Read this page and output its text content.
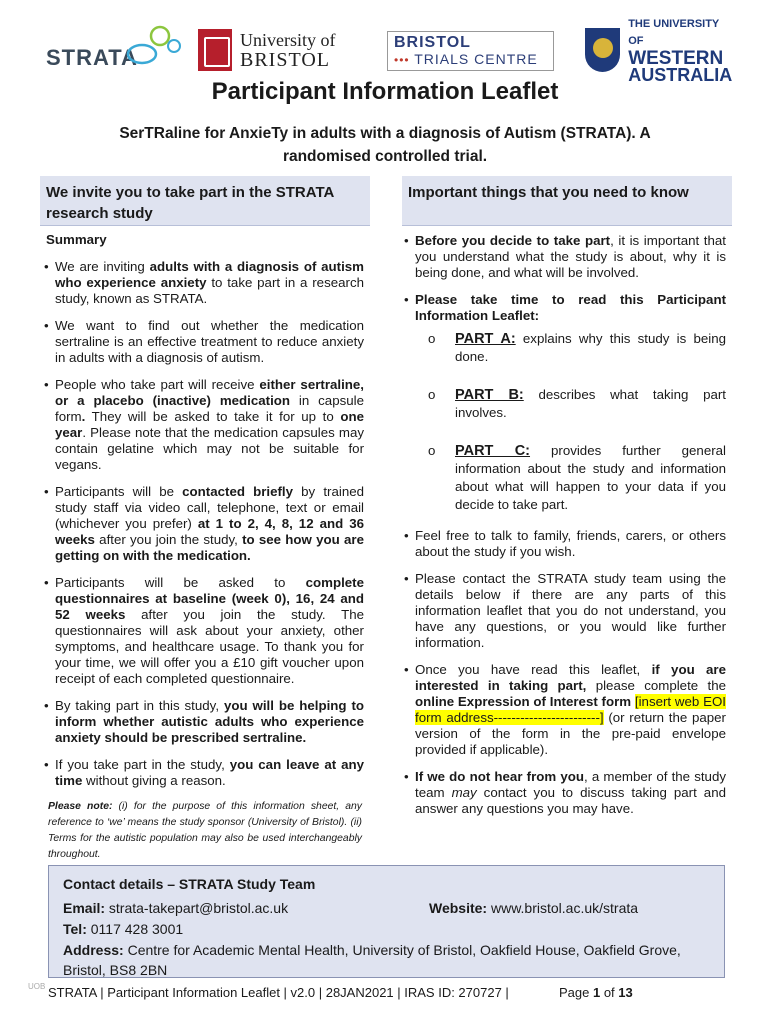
STRATA
University of
BRISTOL
BRISTOL
••• TRIALS CENTRE
THE UNIVERSITY OF
WESTERN
AUSTRALIA
Participant Information Leaflet
SerTRaline for AnxieTy in adults with a diagnosis of Autism (STRATA). A randomised controlled trial.
We invite you to take part in the STRATA research study
Important things that you need to know
Summary
• We are inviting adults with a diagnosis of autism who experience anxiety to take part in a research study, known as STRATA.
• We want to find out whether the medication sertraline is an effective treatment to reduce anxiety in adults with a diagnosis of autism.
• People who take part will receive either sertraline, or a placebo (inactive) medication in capsule form. They will be asked to take it for up to one year. Please note that the medication capsules may contain gelatine which may not be suitable for vegans.
• Participants will be contacted briefly by trained study staff via video call, telephone, text or email (whichever you prefer) at 1 to 2, 4, 8, 12 and 36 weeks after you join the study, to see how you are getting on with the medication.
• Participants will be asked to complete questionnaires at baseline (week 0), 16, 24 and 52 weeks after you join the study. The questionnaires will ask about your anxiety, other symptoms, and healthcare usage. To thank you for your time, we will offer you a £10 gift voucher upon receipt of each completed questionnaire.
• By taking part in this study, you will be helping to inform whether autistic adults who experience anxiety should be prescribed sertraline.
• If you take part in the study, you can leave at any time without giving a reason.
Please note: (i) for the purpose of this information sheet, any reference to ‘we’ means the study sponsor (University of Bristol). (ii) Terms for the autistic population may also be used interchangeably throughout.
• Before you decide to take part, it is important that you understand what the study is about, why it is being done, and what will be involved.
• Please take time to read this Participant Information Leaflet:
o PART A: explains why this study is being done.
o PART B: describes what taking part involves.
o PART C: provides further general information about the study and information about what will happen to your data if you decide to take part.
• Feel free to talk to family, friends, carers, or others about the study if you wish.
• Please contact the STRATA study team using the details below if there are any parts of this information leaflet that you do not understand, you have any questions, or you would like further information.
• Once you have read this leaflet, if you are interested in taking part, please complete the online Expression of Interest form [insert web EOI form address------------------------] (or return the paper version of the form in the pre-paid envelope provided if applicable).
• If we do not hear from you, a member of the study team may contact you to discuss taking part and answer any questions you may have.
Contact details – STRATA Study Team
Email: strata-takepart@bristol.ac.uk	Website: www.bristol.ac.uk/strata
Tel: 0117 428 3001
Address: Centre for Academic Mental Health, University of Bristol, Oakfield House, Oakfield Grove, Bristol, BS8 2BN
UOB STRATA | Participant Information Leaflet | v2.0 | 28JAN2021 | IRAS ID: 270727 |	Page 1 of 13
